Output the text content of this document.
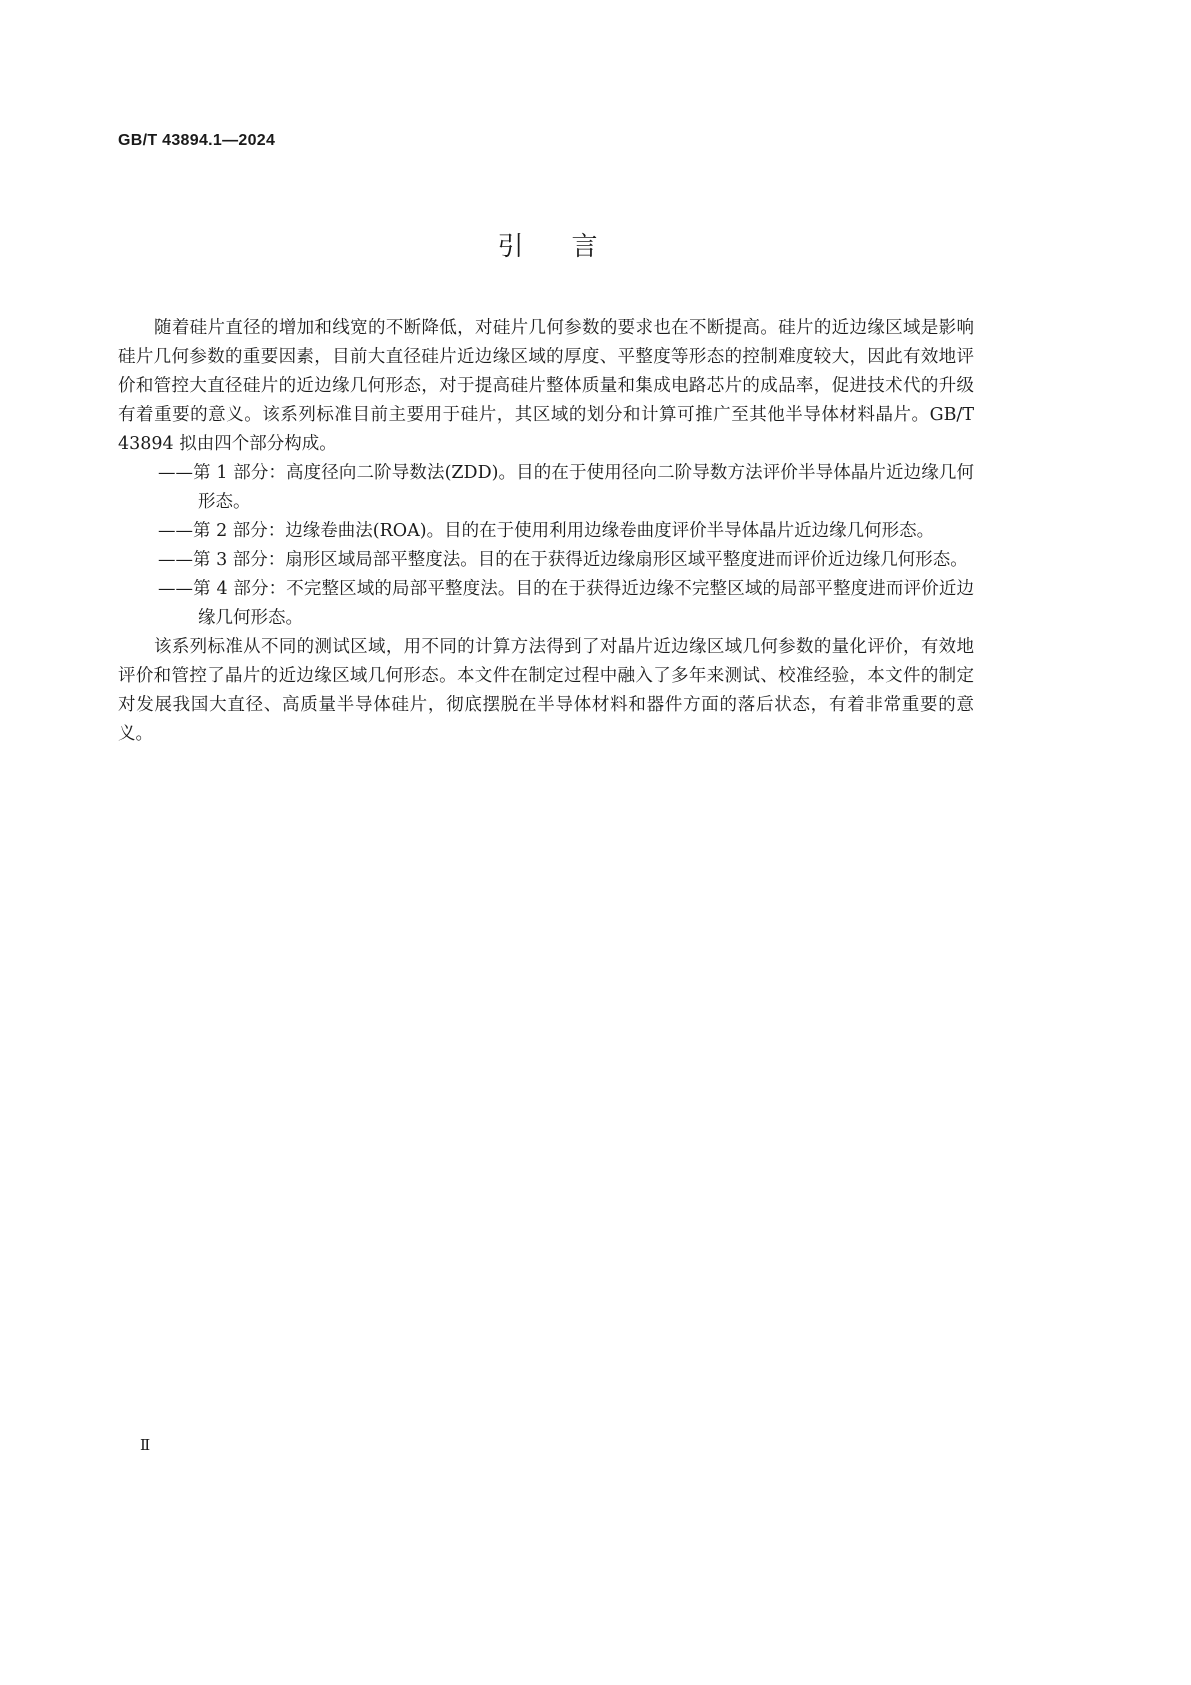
GB/T 43894.1—2024
引言

随着硅片直径的增加和线宽的不断降低，对硅片几何参数的要求也在不断提高。硅片的近边缘区域是影响硅片几何参数的重要因素，目前大直径硅片近边缘区域的厚度、平整度等形态的控制难度较大，因此有效地评价和管控大直径硅片的近边缘几何形态，对于提高硅片整体质量和集成电路芯片的成品率，促进技术代的升级有着重要的意义。该系列标准目前主要用于硅片，其区域的划分和计算可推广至其他半导体材料晶片。GB/T 43894 拟由四个部分构成。

——第 1 部分：高度径向二阶导数法(ZDD)。目的在于使用径向二阶导数方法评价半导体晶片近边缘几何形态。

——第 2 部分：边缘卷曲法(ROA)。目的在于使用利用边缘卷曲度评价半导体晶片近边缘几何形态。

——第 3 部分：扇形区域局部平整度法。目的在于获得近边缘扇形区域平整度进而评价近边缘几何形态。

——第 4 部分：不完整区域的局部平整度法。目的在于获得近边缘不完整区域的局部平整度进而评价近边缘几何形态。

该系列标准从不同的测试区域，用不同的计算方法得到了对晶片近边缘区域几何参数的量化评价，有效地评价和管控了晶片的近边缘区域几何形态。本文件在制定过程中融入了多年来测试、校准经验，本文件的制定对发展我国大直径、高质量半导体硅片，彻底摆脱在半导体材料和器件方面的落后状态，有着非常重要的意义。

Ⅱ
